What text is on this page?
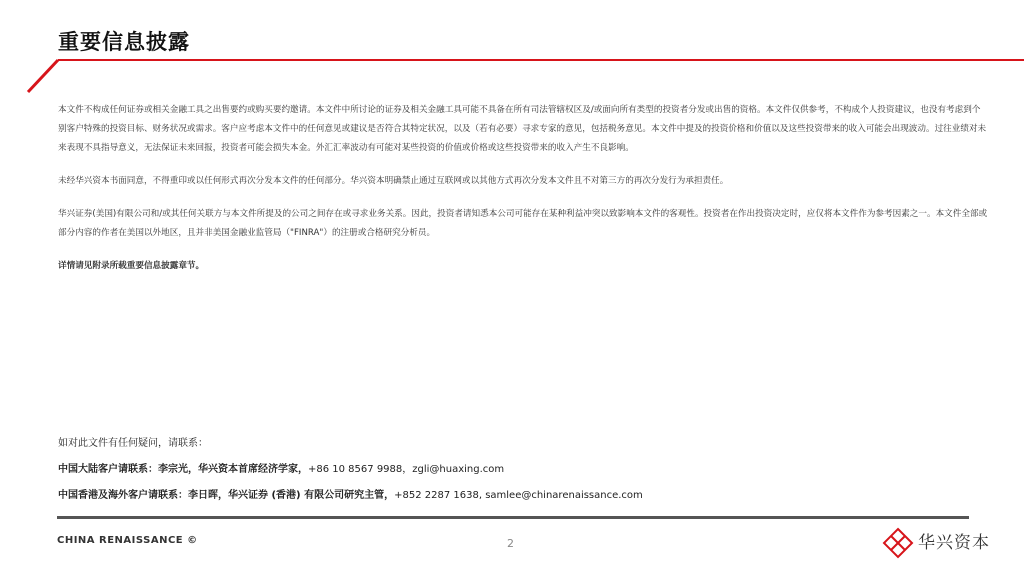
重要信息披露
本文件不构成任何证券或相关金融工具之出售要约或购买要约邀请。本文件中所讨论的证券及相关金融工具可能不具备在所有司法管辖权区及/或面向所有类型的投资者分发或出售的资格。本文件仅供参考，不构成个人投资建议，也没有考虑到个别客户特殊的投资目标、财务状况或需求。客户应考虑本文件中的任何意见或建议是否符合其特定状况，以及（若有必要）寻求专家的意见，包括税务意见。本文件中提及的投资价格和价值以及这些投资带来的收入可能会出现波动。过往业绩对未来表现不具指导意义，无法保证未来回报，投资者可能会损失本金。外汇汇率波动有可能对某些投资的价值或价格或这些投资带来的收入产生不良影响。
未经华兴资本书面同意，不得重印或以任何形式再次分发本文件的任何部分。华兴资本明确禁止通过互联网或以其他方式再次分发本文件且不对第三方的再次分发行为承担责任。
华兴证券(美国)有限公司和/或其任何关联方与本文件所提及的公司之间存在或寻求业务关系。因此，投资者请知悉本公司可能存在某种利益冲突以致影响本文件的客观性。投资者在作出投资决定时，应仅将本文件作为参考因素之一。本文件全部或部分内容的作者在美国以外地区，且并非美国金融业监管局（"FINRA"）的注册或合格研究分析员。
详情请见附录所载重要信息披露章节。
如对此文件有任何疑问，请联系：
中国大陆客户请联系：李宗光，华兴资本首席经济学家，+86 10 8567 9988，zgli@huaxing.com
中国香港及海外客户请联系：李日晖，华兴证券 (香港) 有限公司研究主管，+852 2287 1638, samlee@chinarenaissance.com
CHINA RENAISSANCE ©	2	华兴资本
